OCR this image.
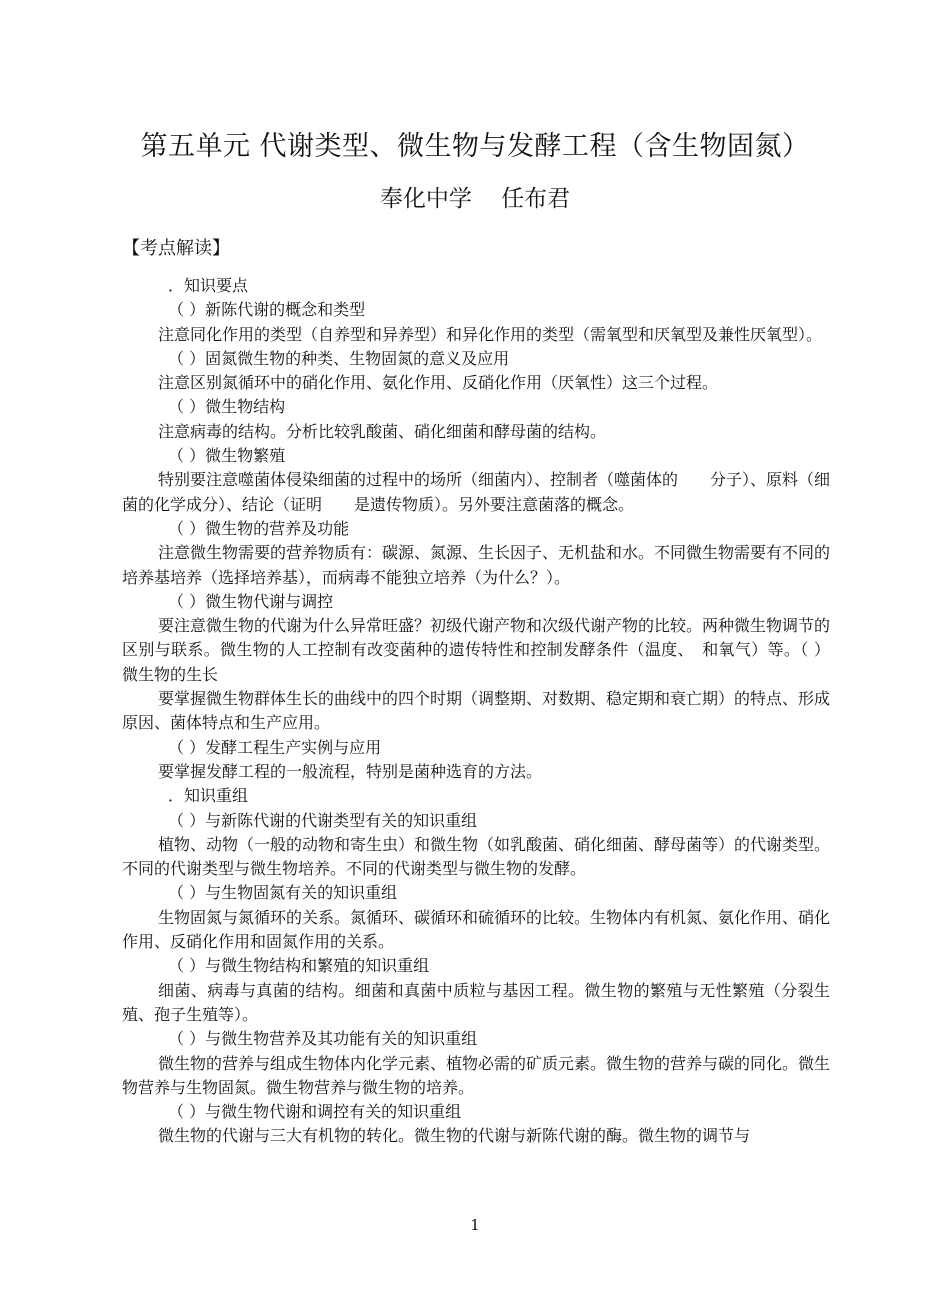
第五单元 代谢类型、微生物与发酵工程（含生物固氮）
奉化中学    任布君
【考点解读】

．知识要点

（ ）新陈代谢的概念和类型

注意同化作用的类型（自养型和异养型）和异化作用的类型（需氧型和厌氧型及兼性厌氧型）。

（ ）固氮微生物的种类、生物固氮的意义及应用

注意区别氮循环中的硝化作用、氨化作用、反硝化作用（厌氧性）这三个过程。

（ ）微生物结构

注意病毒的结构。分析比较乳酸菌、硝化细菌和酵母菌的结构。

（ ）微生物繁殖

特别要注意噬菌体侵染细菌的过程中的场所（细菌内）、控制者（噬菌体的　　分子）、原料（细菌的化学成分）、结论（证明　　是遗传物质）。另外要注意菌落的概念。

（ ）微生物的营养及功能

注意微生物需要的营养物质有：碳源、氮源、生长因子、无机盐和水。不同微生物需要有不同的培养基培养（选择培养基），而病毒不能独立培养（为什么？）。

（ ）微生物代谢与调控

要注意微生物的代谢为什么异常旺盛？初级代谢产物和次级代谢产物的比较。两种微生物调节的区别与联系。微生物的人工控制有改变菌种的遗传特性和控制发酵条件（温度、　和氧气）等。（ ）微生物的生长

要掌握微生物群体生长的曲线中的四个时期（调整期、对数期、稳定期和衰亡期）的特点、形成原因、菌体特点和生产应用。

（ ）发酵工程生产实例与应用

要掌握发酵工程的一般流程，特别是菌种选育的方法。

．知识重组

（ ）与新陈代谢的代谢类型有关的知识重组

植物、动物（一般的动物和寄生虫）和微生物（如乳酸菌、硝化细菌、酵母菌等）的代谢类型。不同的代谢类型与微生物培养。不同的代谢类型与微生物的发酵。

（ ）与生物固氮有关的知识重组

生物固氮与氮循环的关系。氮循环、碳循环和硫循环的比较。生物体内有机氮、氨化作用、硝化作用、反硝化作用和固氮作用的关系。

（ ）与微生物结构和繁殖的知识重组

细菌、病毒与真菌的结构。细菌和真菌中质粒与基因工程。微生物的繁殖与无性繁殖（分裂生殖、孢子生殖等）。

（ ）与微生物营养及其功能有关的知识重组

微生物的营养与组成生物体内化学元素、植物必需的矿质元素。微生物的营养与碳的同化。微生物营养与生物固氮。微生物营养与微生物的培养。

（ ）与微生物代谢和调控有关的知识重组

微生物的代谢与三大有机物的转化。微生物的代谢与新陈代谢的酶。微生物的调节与

1
